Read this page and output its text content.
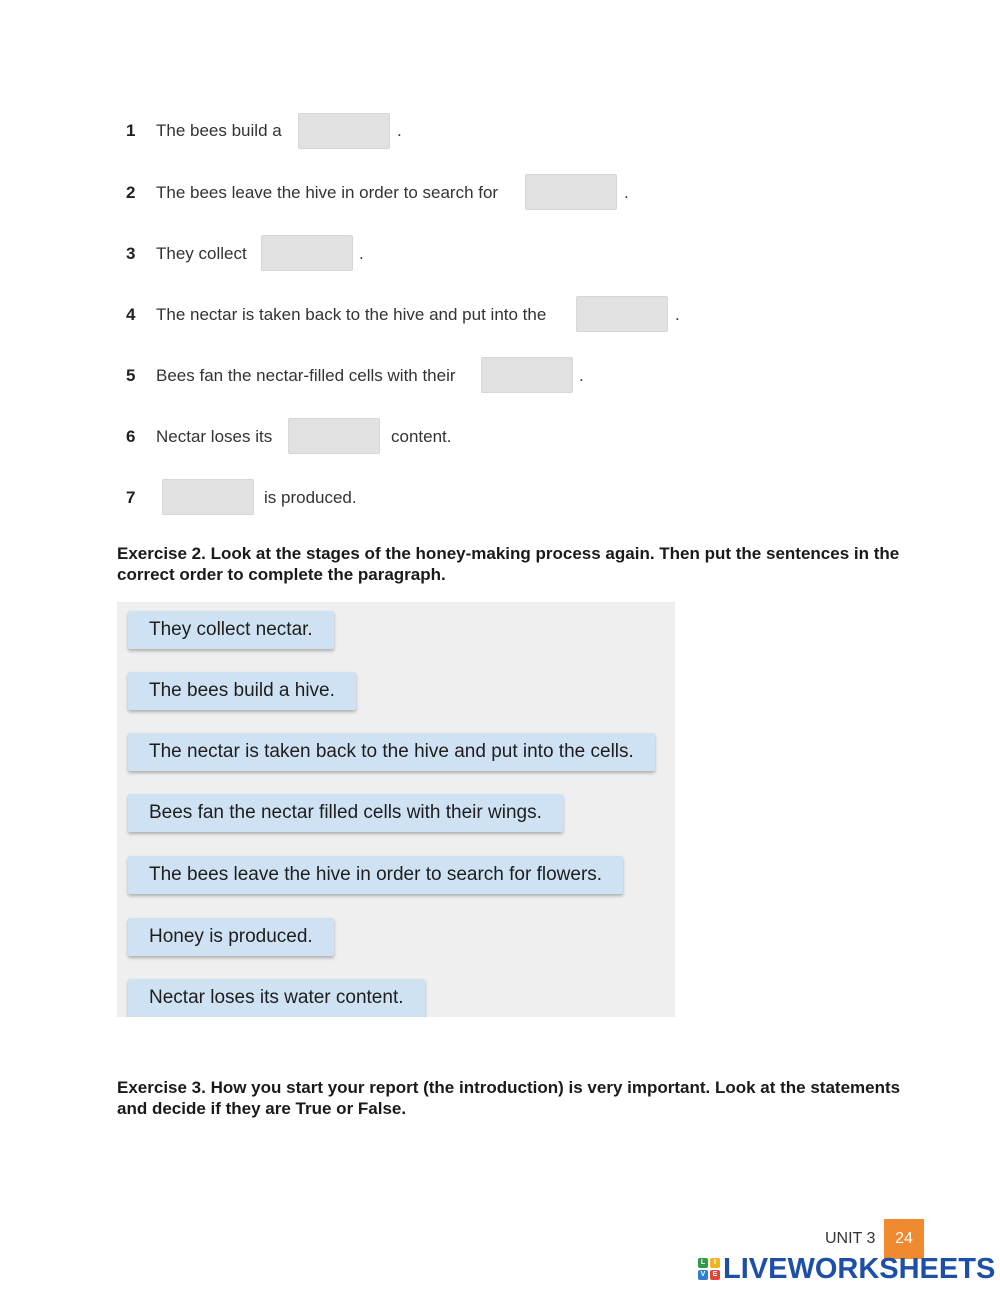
1 The bees build a	.
2 The bees leave the hive in order to search for	.
3 They collect	.
4 The nectar is taken back to the hive and put into the	.
5 Bees fan the nectar-filled cells with their	.
6 Nectar loses its	content.
7	is produced.
Exercise 2. Look at the stages of the honey-making process again. Then put the sentences in the correct order to complete the paragraph.
They collect nectar.
The bees build a hive.
The nectar is taken back to the hive and put into the cells.
Bees fan the nectar filled cells with their wings.
The bees leave the hive in order to search for flowers.
Honey is produced.
Nectar loses its water content.
Exercise 3. How you start your report (the introduction) is very important. Look at the statements and decide if they are True or False.
UNIT 3	24
L	I
V	E LIVEWORKSHEETS
